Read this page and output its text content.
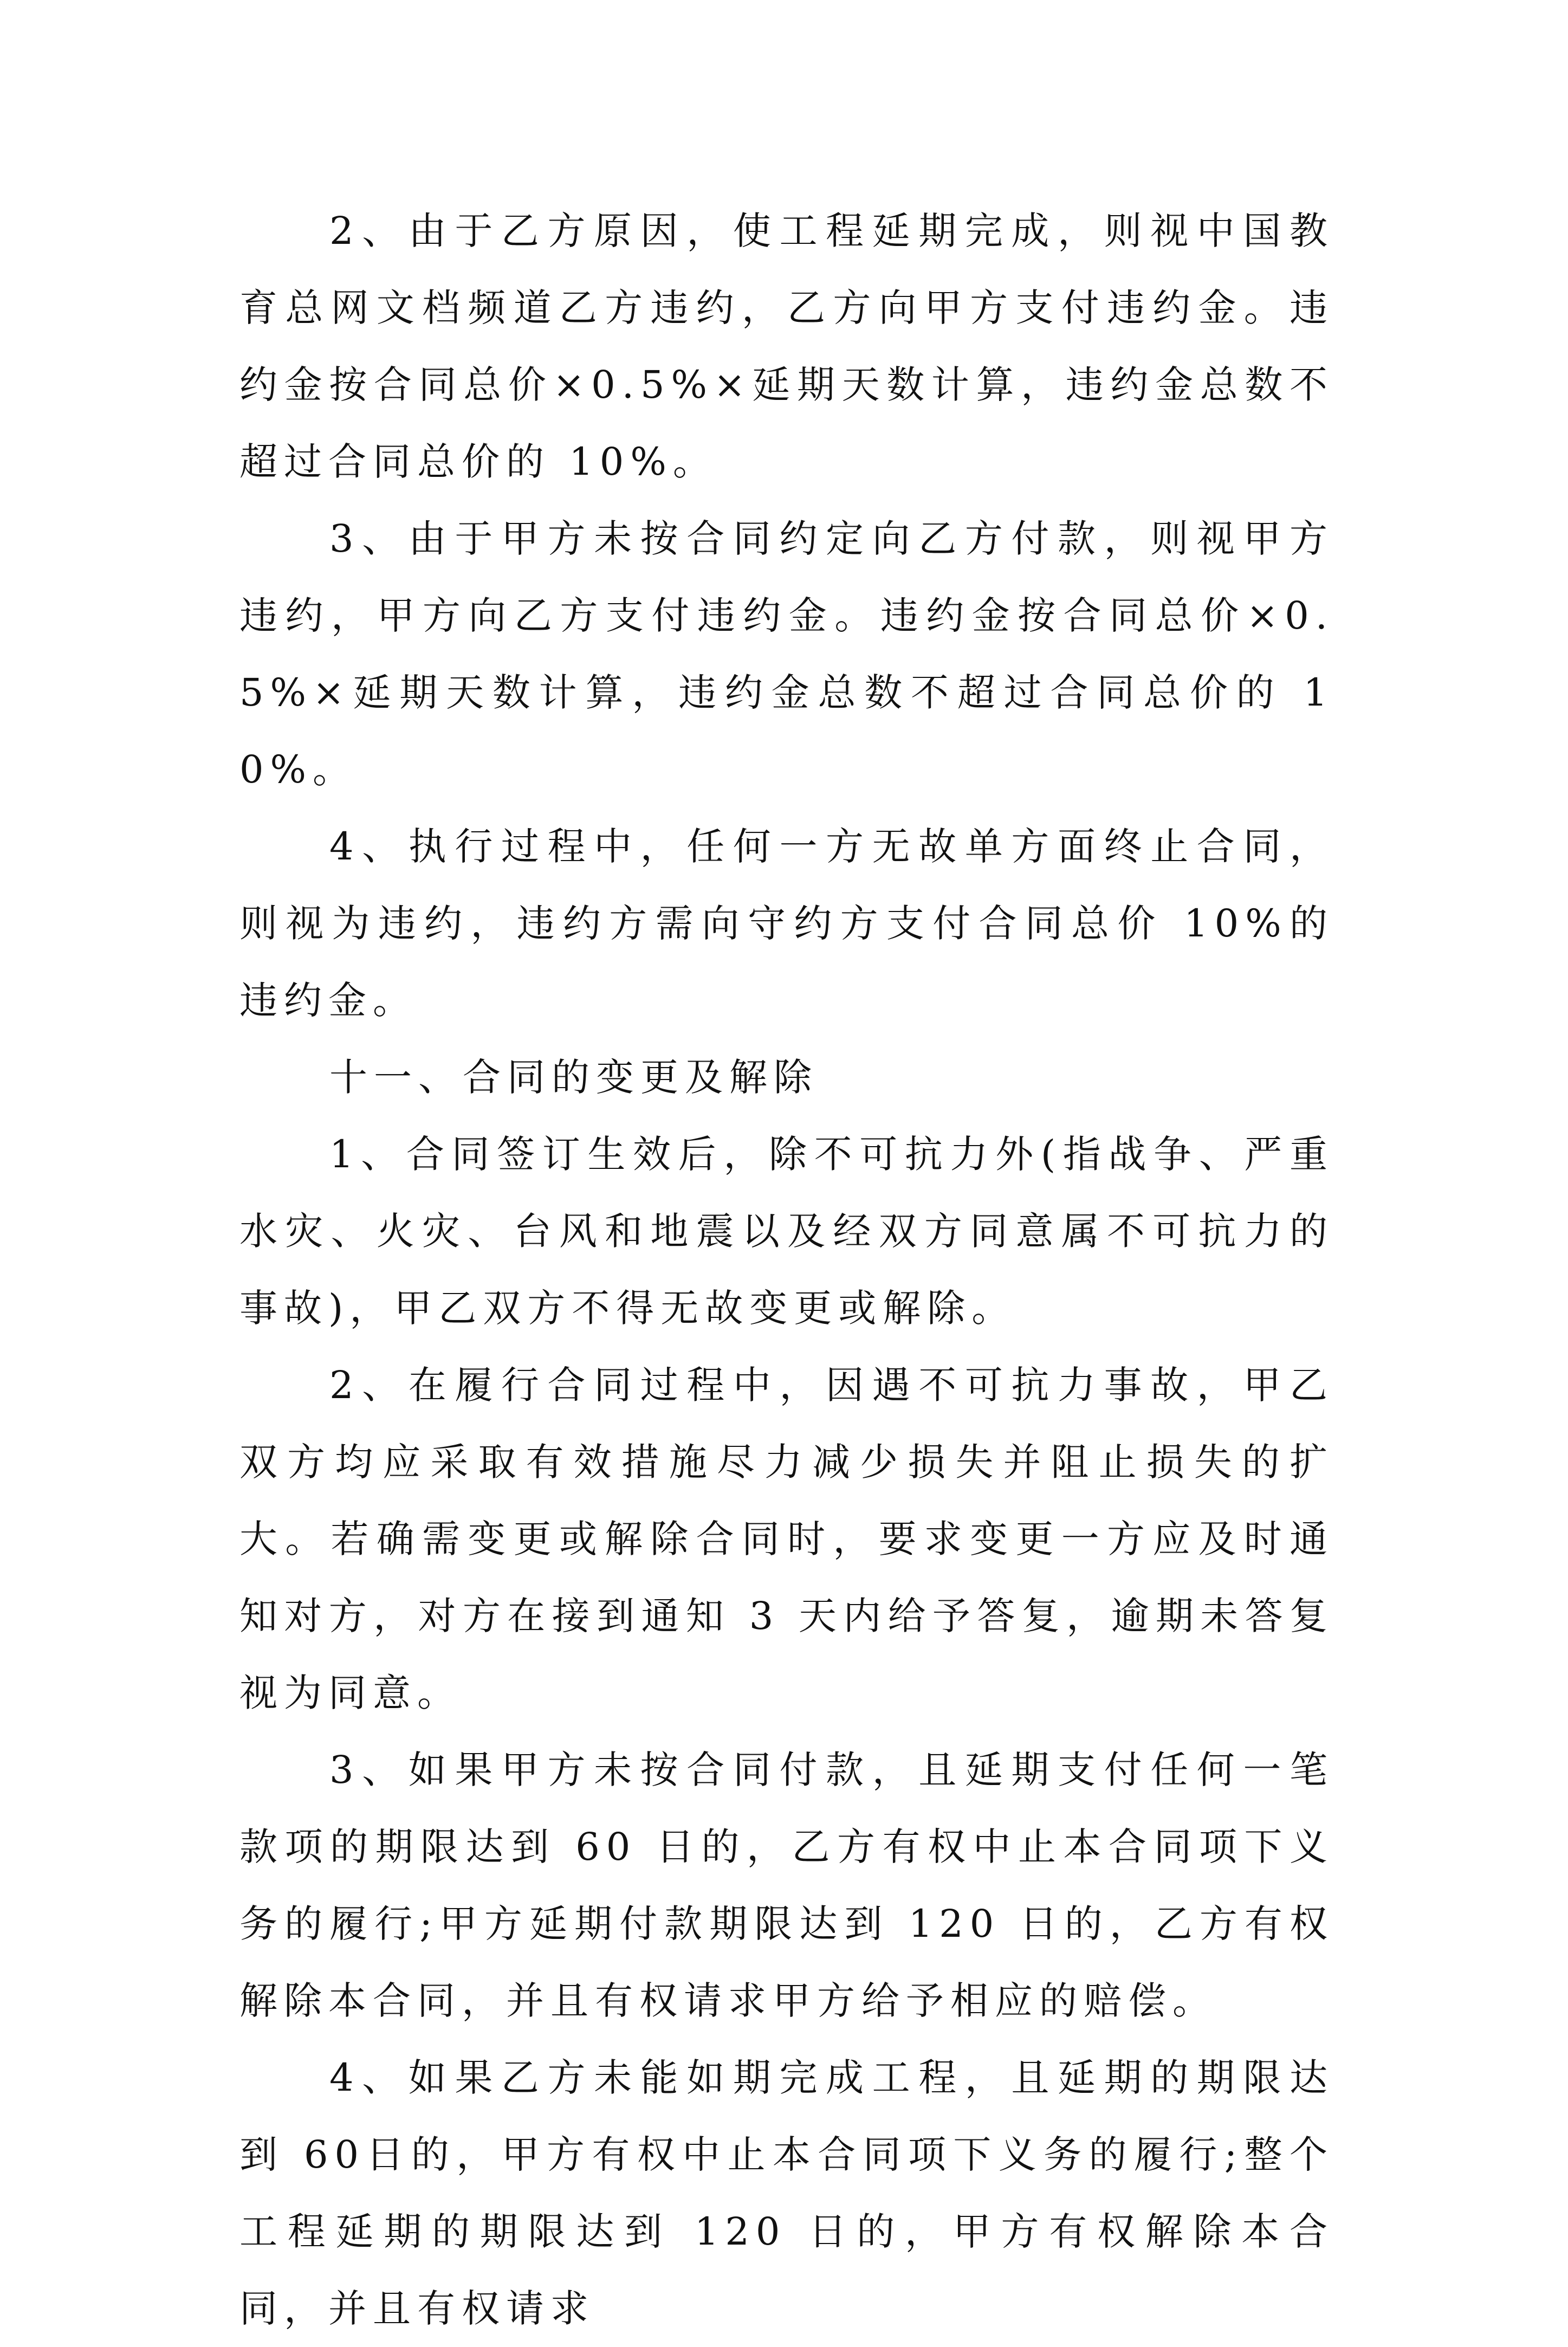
2、由于乙方原因，使工程延期完成，则视中国教育总网文档频道乙方违约，乙方向甲方支付违约金。违约金按合同总价×0.5%×延期天数计算，违约金总数不超过合同总价的 10%。

3、由于甲方未按合同约定向乙方付款，则视甲方违约，甲方向乙方支付违约金。违约金按合同总价×0.5%×延期天数计算，违约金总数不超过合同总价的 10%。

4、执行过程中，任何一方无故单方面终止合同，则视为违约，违约方需向守约方支付合同总价 10%的违约金。

十一、合同的变更及解除

1、合同签订生效后，除不可抗力外(指战争、严重水灾、火灾、台风和地震以及经双方同意属不可抗力的事故)，甲乙双方不得无故变更或解除。

2、在履行合同过程中，因遇不可抗力事故，甲乙双方均应采取有效措施尽力减少损失并阻止损失的扩大。若确需变更或解除合同时，要求变更一方应及时通知对方，对方在接到通知 3 天内给予答复，逾期未答复视为同意。

3、如果甲方未按合同付款，且延期支付任何一笔款项的期限达到 60 日的，乙方有权中止本合同项下义务的履行;甲方延期付款期限达到 120 日的，乙方有权解除本合同，并且有权请求甲方给予相应的赔偿。

4、如果乙方未能如期完成工程，且延期的期限达到 60日的，甲方有权中止本合同项下义务的履行;整个工程延期的期限达到 120 日的，甲方有权解除本合同，并且有权请求
